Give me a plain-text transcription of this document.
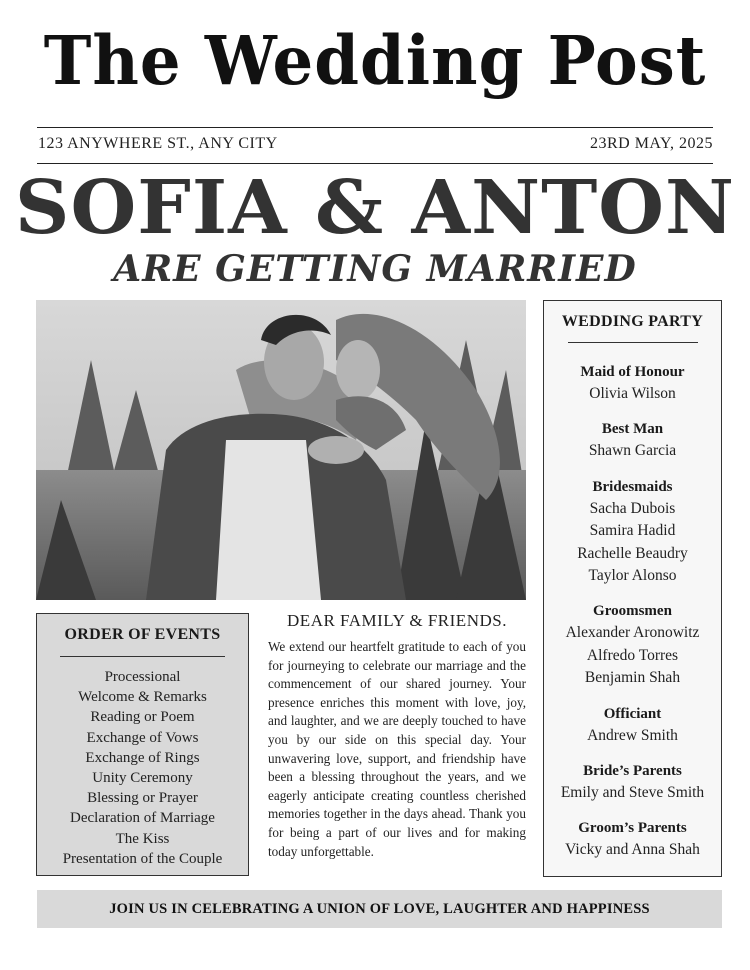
The Wedding Post
123 ANYWHERE ST., ANY CITY	23RD MAY, 2025
SOFIA & ANTON
ARE GETTING MARRIED
ORDER OF EVENTS
Processional
Welcome & Remarks
Reading or Poem
Exchange of Vows
Exchange of Rings
Unity Ceremony
Blessing or Prayer
Declaration of Marriage
The Kiss
Presentation of the Couple
DEAR FAMILY & FRIENDS.
We extend our heartfelt gratitude to each of you for journeying to celebrate our marriage and the commencement of our shared journey. Your presence enriches this moment with love, joy, and laughter, and we are deeply touched to have you by our side on this special day. Your unwavering love, support, and friendship have been a blessing throughout the years, and we eagerly anticipate creating countless cherished memories together in the days ahead. Thank you for being a part of our lives and for making today unforgettable.
WEDDING PARTY
Maid of Honour
Olivia Wilson
Best Man
Shawn Garcia
Bridesmaids
Sacha Dubois
Samira Hadid
Rachelle Beaudry
Taylor Alonso
Groomsmen
Alexander Aronowitz
Alfredo Torres
Benjamin Shah
Officiant
Andrew Smith
Bride’s Parents
Emily and Steve Smith
Groom’s Parents
Vicky and Anna Shah
JOIN US IN CELEBRATING A UNION OF LOVE, LAUGHTER AND HAPPINESS
